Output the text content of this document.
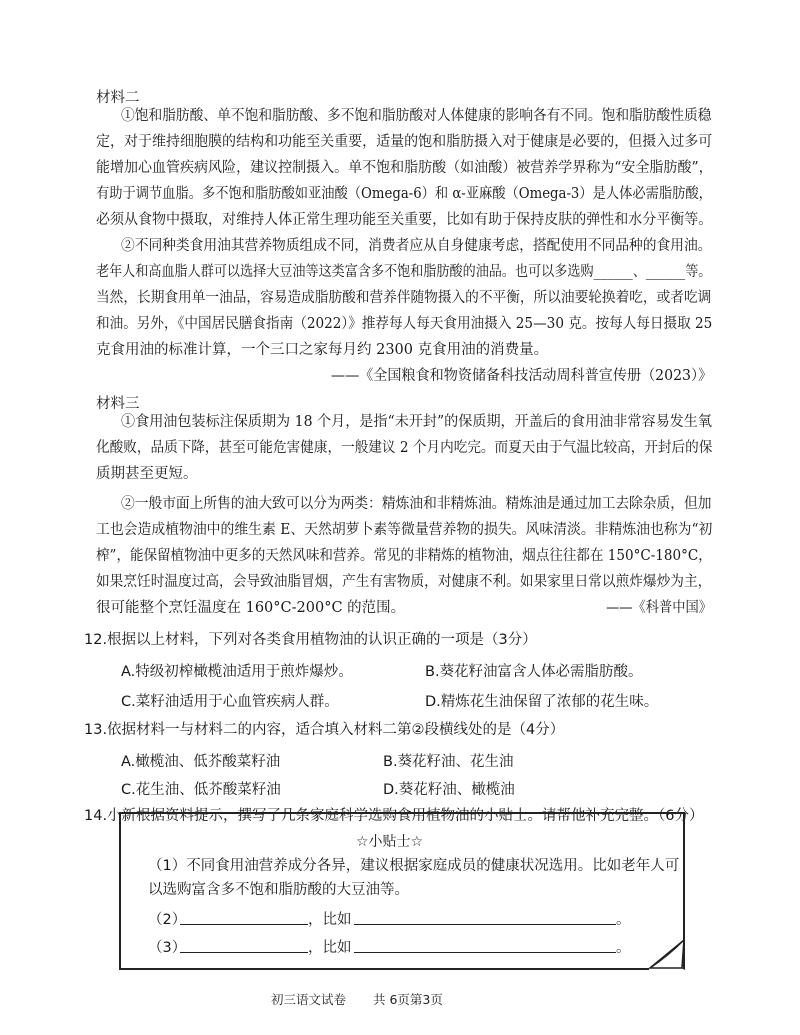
材料二
①饱和脂肪酸、单不饱和脂肪酸、多不饱和脂肪酸对人体健康的影响各有不同。饱和脂肪酸性质稳
定，对于维持细胞膜的结构和功能至关重要，适量的饱和脂肪摄入对于健康是必要的，但摄入过多可
能增加心血管疾病风险，建议控制摄入。单不饱和脂肪酸（如油酸）被营养学界称为“安全脂肪酸”，
有助于调节血脂。多不饱和脂肪酸如亚油酸（Omega-6）和 α-亚麻酸（Omega-3）是人体必需脂肪酸，
必须从食物中摄取，对维持人体正常生理功能至关重要，比如有助于保持皮肤的弹性和水分平衡等。
②不同种类食用油其营养物质组成不同，消费者应从自身健康考虑，搭配使用不同品种的食用油。
老年人和高血脂人群可以选择大豆油等这类富含多不饱和脂肪酸的油品。也可以多选购______、______等。
当然，长期食用单一油品，容易造成脂肪酸和营养伴随物摄入的不平衡，所以油要轮换着吃，或者吃调
和油。另外，《中国居民膳食指南（2022）》推荐每人每天食用油摄入 25—30 克。按每人每日摄取 25
克食用油的标准计算，一个三口之家每月约 2300 克食用油的消费量。
——《全国粮食和物资储备科技活动周科普宣传册（2023）》
材料三
①食用油包装标注保质期为 18 个月，是指“未开封”的保质期，开盖后的食用油非常容易发生氧
化酸败，品质下降，甚至可能危害健康，一般建议 2 个月内吃完。而夏天由于气温比较高，开封后的保
质期甚至更短。
②一般市面上所售的油大致可以分为两类：精炼油和非精炼油。精炼油是通过加工去除杂质，但加
工也会造成植物油中的维生素 E、天然胡萝卜素等微量营养物的损失。风味清淡。非精炼油也称为“初
榨”，能保留植物油中更多的天然风味和营养。常见的非精炼的植物油，烟点往往都在 150°C-180°C，
如果烹饪时温度过高，会导致油脂冒烟，产生有害物质，对健康不利。如果家里日常以煎炸爆炒为主，
很可能整个烹饪温度在 160°C-200°C 的范围。	——《科普中国》
12.根据以上材料，下列对各类食用植物油的认识正确的一项是（3分）
A.特级初榨橄榄油适用于煎炸爆炒。	B.葵花籽油富含人体必需脂肪酸。
C.菜籽油适用于心血管疾病人群。	D.精炼花生油保留了浓郁的花生味。
13.依据材料一与材料二的内容，适合填入材料二第②段横线处的是（4分）
A.橄榄油、低芥酸菜籽油	B.葵花籽油、花生油
C.花生油、低芥酸菜籽油	D.葵花籽油、橄榄油
14.小新根据资料提示，撰写了几条家庭科学选购食用植物油的小贴士。请帮他补充完整。（6分）
☆小贴士☆
（1）不同食用油营养成分各异，建议根据家庭成员的健康状况选用。比如老年人可
以选购富含多不饱和脂肪酸的大豆油等。
（2）	，比如	。
（3）	，比如	。
初三语文试卷 共 6页第3页
